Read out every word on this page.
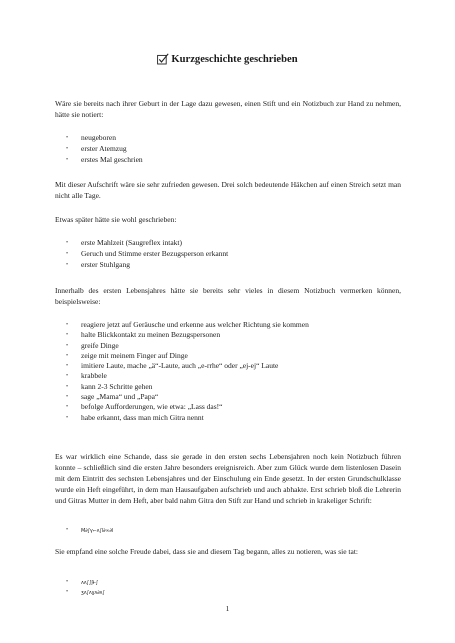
Kurzgeschichte geschrieben
Wäre sie bereits nach ihrer Geburt in der Lage dazu gewesen, einen Stift und ein Notizbuch zur Hand zu nehmen, hätte sie notiert:
• neugeboren
• erster Atemzug
• erstes Mal geschrien
Mit dieser Aufschrift wäre sie sehr zufrieden gewesen. Drei solch bedeutende Häkchen auf einen Streich setzt man nicht alle Tage.
Etwas später hätte sie wohl geschrieben:
• erste Mahlzeit (Saugreflex intakt)
• Geruch und Stimme erster Bezugsperson erkannt
• erster Stuhlgang
Innerhalb des ersten Lebensjahres hätte sie bereits sehr vieles in diesem Notizbuch vermerken können, beispielsweise:
• reagiere jetzt auf Geräusche und erkenne aus welcher Richtung sie kommen
• halte Blickkontakt zu meinen Bezugspersonen
• greife Dinge
• zeige mit meinem Finger auf Dinge
• imitiere Laute, mache „ä“-Laute, auch „e-rrhe“ oder „ej-ej“ Laute
• krabbele
• kann 2-3 Schritte gehen
• sage „Mama“ und „Papa“
• befolge Aufforderungen, wie etwa: „Lass das!“
• habe erkannt, dass man mich Gitra nennt
Es war wirklich eine Schande, dass sie gerade in den ersten sechs Lebensjahren noch kein Notizbuch führen konnte – schließlich sind die ersten Jahre besonders ereignisreich. Aber zum Glück wurde dem listenlosen Dasein mit dem Eintritt des sechsten Lebensjahres und der Einschulung ein Ende gesetzt. In der ersten Grundschulklasse wurde ein Heft eingeführt, in dem man Hausaufgaben aufschrieb und auch abhakte. Erst schrieb bloß die Lehrerin und Gitras Mutter in dem Heft, aber bald nahm Gitra den Stift zur Hand und schrieb in krakeliger Schrift:
•	M∂∫γ⌐ʌ∫l∂∞∂l
Sie empfand eine solche Freude dabei, dass sie and diesem Tag begann, alles zu notieren, was sie tat:
•	ʌʌ∫∫ʃɨ-∫
•	ʒʌ∫ʌɣʌ∂ʌ∫
1
